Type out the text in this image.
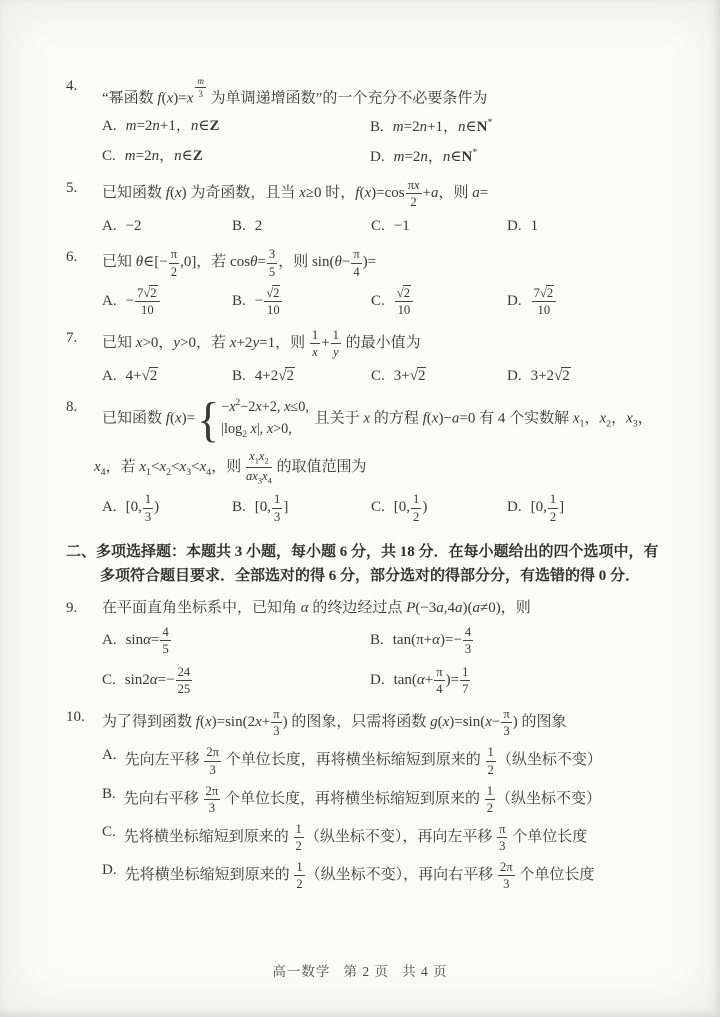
4.
“幂函数 $f(x)=x \frac{m}{3}$ 为单调递增函数”的一个充分不必要条件为
A. m=2n+1，n∈Z	B. m=2n+1，n∈N*
C. m=2n，n∈Z	D. m=2n，n∈N*
5.	已知函数 f(x) 为奇函数，且当 x≥0 时，$f(x)=\cos \frac{\pi x}{2} +a$，则 a=
A. −2	B. 2	C. −1	D. 1
6.	已知 θ∈[− $\frac{\pi}{2} ,0$]，若 $\cos\theta= \frac{3}{5}$ ，则 $\sin(\theta- \frac{\pi}{4}$ )=
A. − $\frac{7√2}{10}$	B. − $\frac{√2}{10}$	C. $\frac{√2}{10}$	D. $\frac{7√2}{10}$
7.	已知 x>0，y>0，若 x+2y=1，则 $\frac{1}{x} + \frac{1}{y}$ 的最小值为
A. 4+√2	B. 4+2√2	C. 3+√2	D. 3+2√2
8.
已知函数 f(x)= { $-x^2-2x+2$, x≤0,
$|\log_2$ x|, x>0,
且关于 x 的方程 f(x)−a=0 有 4 个实数解 $x_1$，$x_2$，$x_3$，
$x_4$，若 $x_1<x_2<x_3<x_4$，则 $\frac{x_1x_2}{ax_3x_4}$ 的取值范围为
A. [0, $\frac{1}{3}$ )	B. [0, $\frac{1}{3}$ ]	C. [0, $\frac{1}{2}$ )	D. [0, $\frac{1}{2}$ ]
二、多项选择题：本题共 3 小题，每小题 6 分，共 18 分．在每小题给出的四个选项中，有多项符合题目要求．全部选对的得 6 分，部分选对的得部分分，有选错的得 0 分．
9.	在平面直角坐标系中，已知角 α 的终边经过点 P(−3a,4a)(a≠0)，则
A. $\sin\alpha= \frac{4}{5}$	B. $\tan(\pi+\alpha)=- \frac{4}{3}$
C. $\sin 2\alpha=- \frac{24}{25}$	D. $\tan(\alpha+ \frac{\pi}{4}$ )= $\frac{1}{7}$
10.	为了得到函数 $f(x)=\sin(2x+ \frac{\pi}{3}$ ) 的图象，只需将函数 $g(x)=\sin(x- \frac{\pi}{3}$ ) 的图象
A. 先向左平移 $\frac{2\pi}{3}$ 个单位长度，再将横坐标缩短到原来的 $\frac{1}{2}$ （纵坐标不变）
B. 先向右平移 $\frac{2\pi}{3}$ 个单位长度，再将横坐标缩短到原来的 $\frac{1}{2}$ （纵坐标不变）
C. 先将横坐标缩短到原来的 $\frac{1}{2}$ （纵坐标不变），再向左平移 $\frac{\pi}{3}$ 个单位长度
D. 先将横坐标缩短到原来的 $\frac{1}{2}$ （纵坐标不变），再向右平移 $\frac{2\pi}{3}$ 个单位长度
高一数学   第 2 页   共 4 页
